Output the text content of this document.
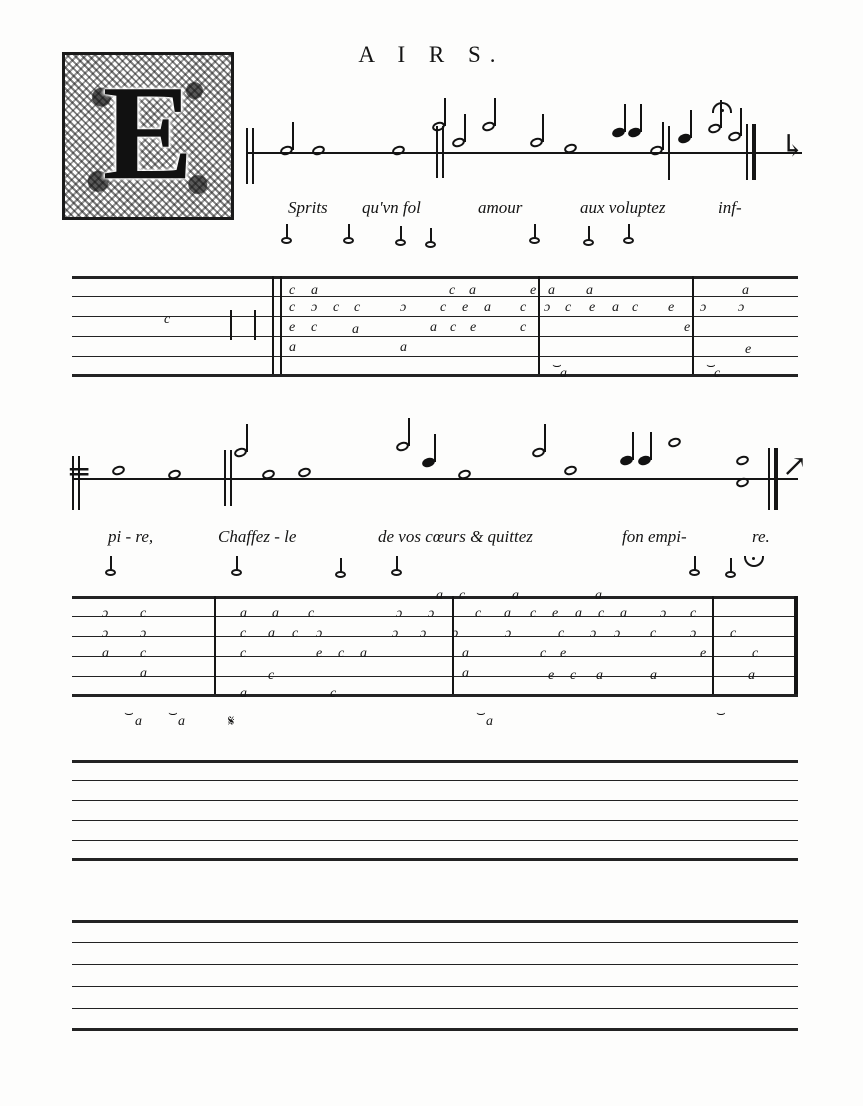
A I R S.
E	↳
Sprits qu'vn fol	amour	aux voluptez	inf-
c a	c a	e a a	a
c ɔ c c	ɔ c e a c ɔ c e a c e ɔ ɔ
e c a	a c e	c	e
a	a	e
a	c
c
⌣	⌣
═	↗
pi - re,	Chaffez - le	de vos cœurs & quittez	fon empi-	re.
a c	a	a
ɔ c	a a c	ɔ ɔ	c a c e a c a ɔ c
ɔ ɔ	c a c ɔ	ɔ ɔ ɔ	ɔ	c ɔ ɔ c ɔ c
a c	c	e c a	a	c e	e	c
a	c	a	e c a	a	a
a	c
a	a	a
⌣ ⌣	⌣	⌣
𝄋
